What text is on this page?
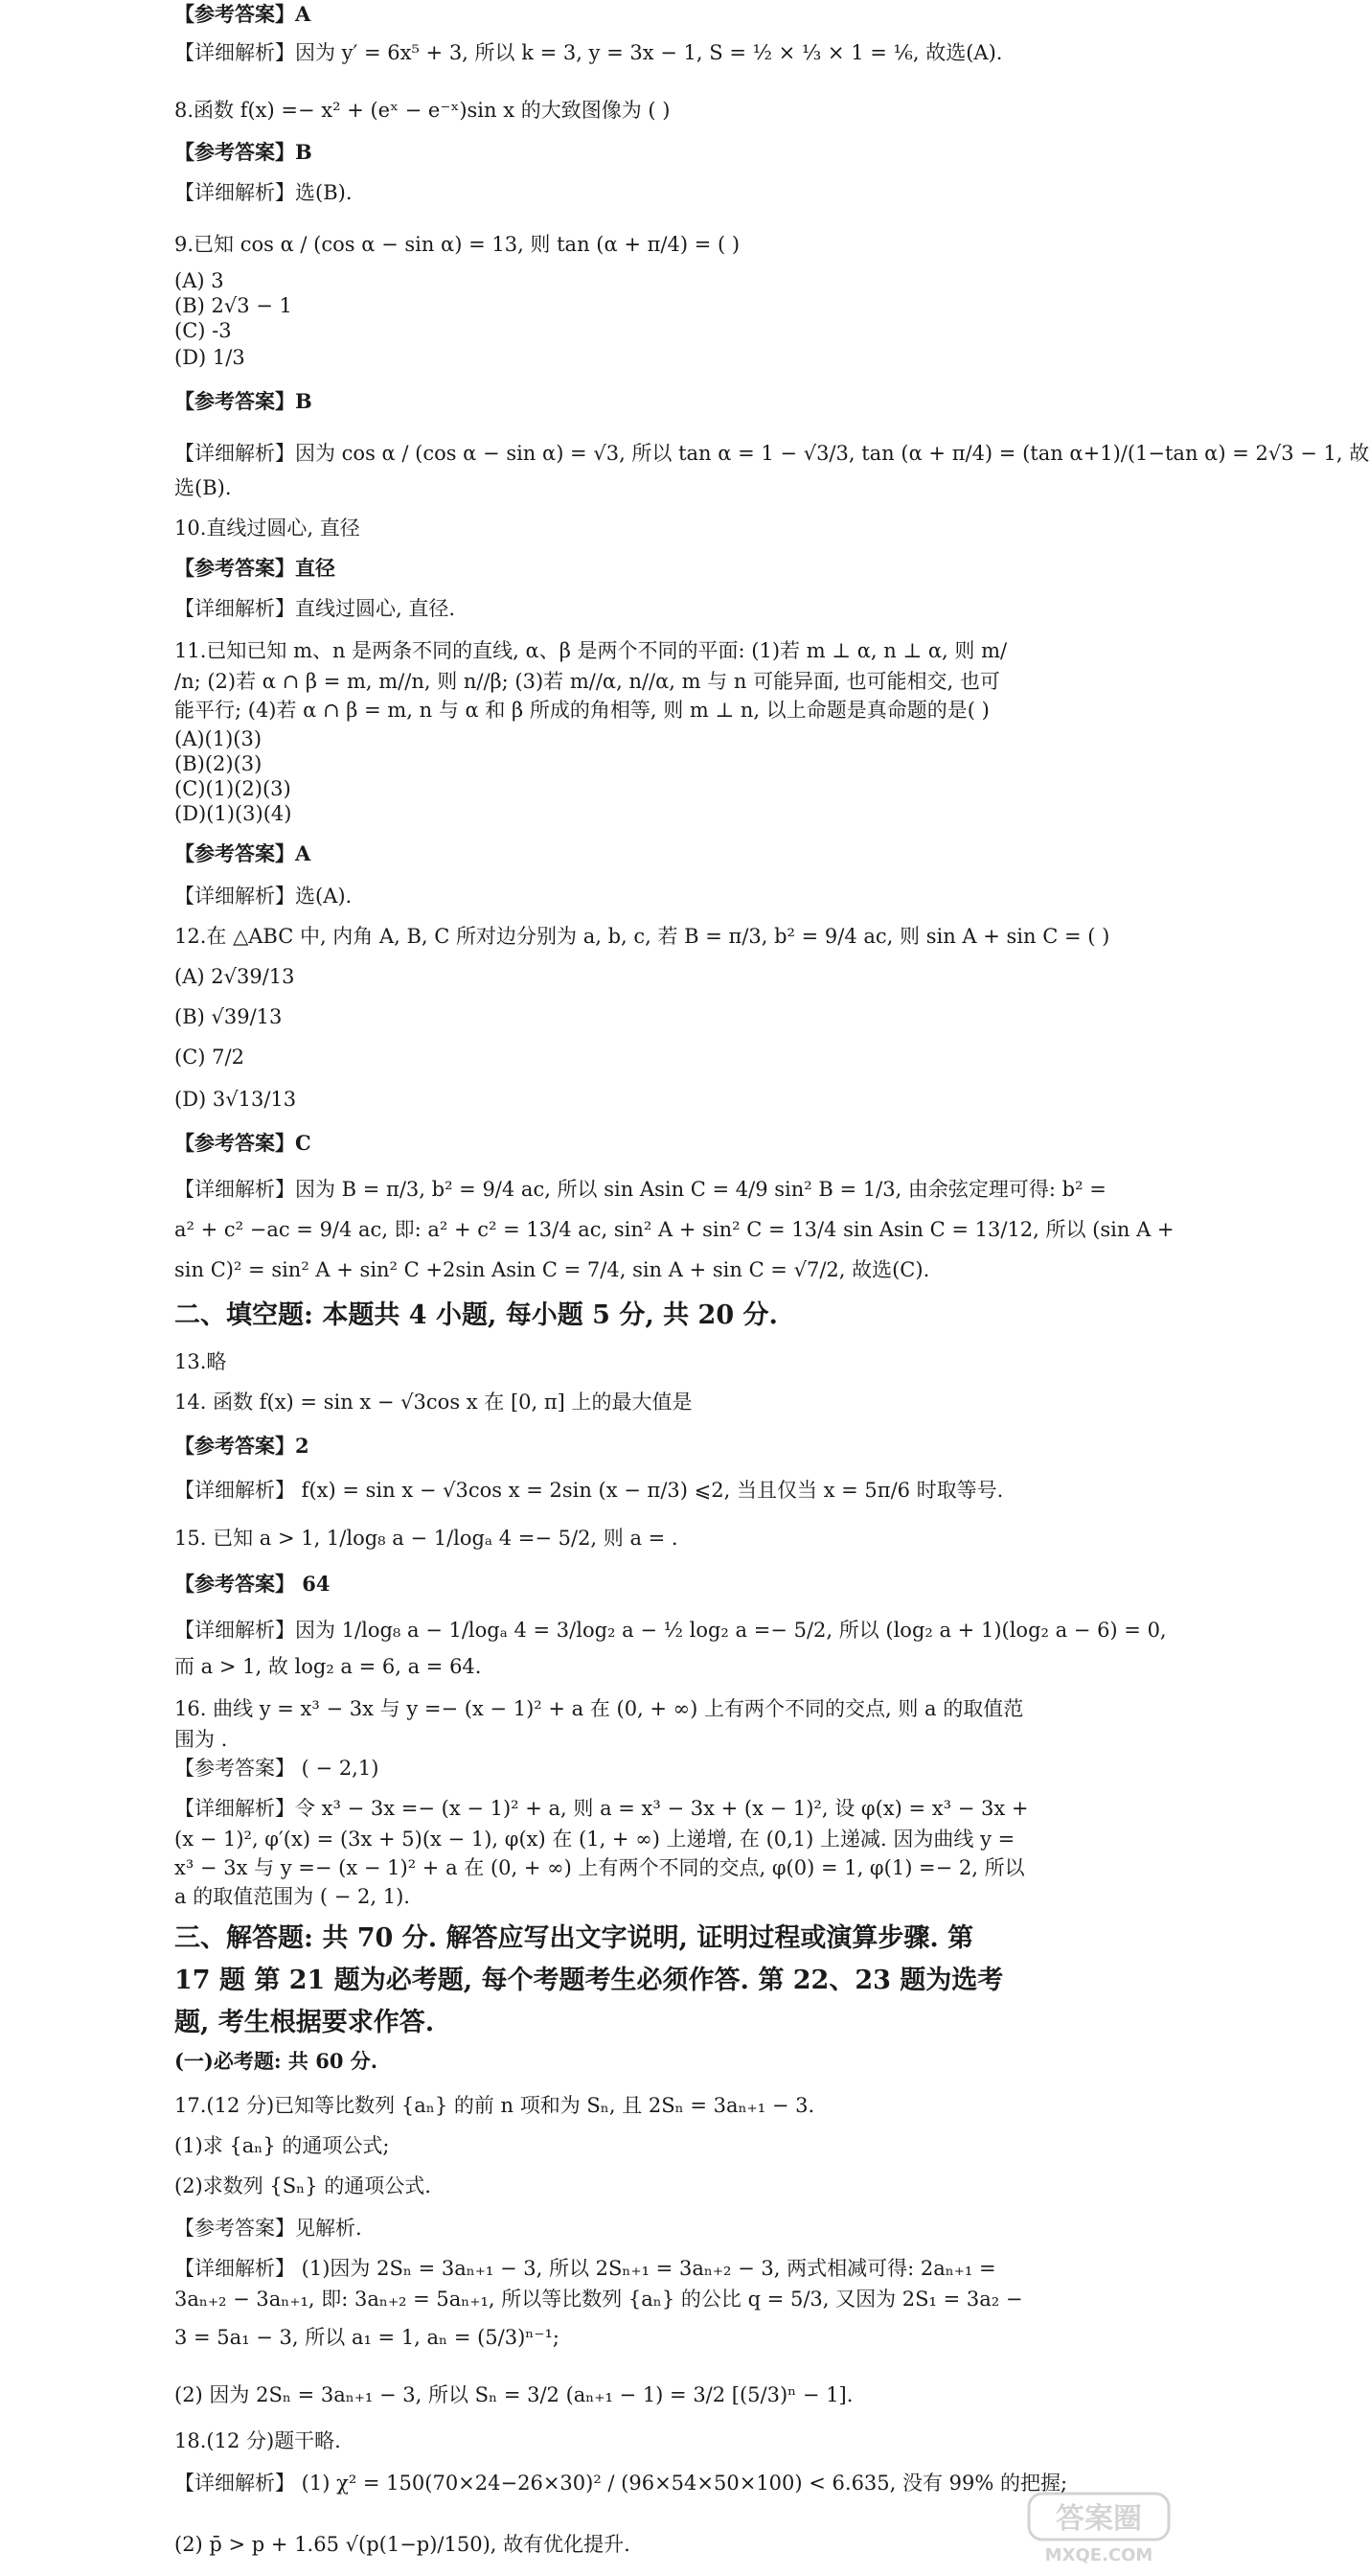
【参考答案】A
【详细解析】因为 y′ = 6x⁵ + 3, 所以 k = 3, y = 3x − 1, S = ½ × ⅓ × 1 = ⅙, 故选(A).
8.函数 f(x) =− x² + (eˣ − e⁻ˣ)sin x 的大致图像为 ( )
【参考答案】B
【详细解析】选(B).
9.已知 cos α / (cos α − sin α) = 13, 则 tan (α + π/4) = ( )
(A) 3
(B) 2√3 − 1
(C) -3
(D) 1/3
【参考答案】B
【详细解析】因为 cos α / (cos α − sin α) = √3, 所以 tan α = 1 − √3/3, tan (α + π/4) = (tan α+1)/(1−tan α) = 2√3 − 1, 故
选(B).
10.直线过圆心, 直径
【参考答案】直径
【详细解析】直线过圆心, 直径.
11.已知已知 m、n 是两条不同的直线, α、β 是两个不同的平面: (1)若 m ⊥ α, n ⊥ α, 则 m/
/n; (2)若 α ∩ β = m, m//n, 则 n//β; (3)若 m//α, n//α, m 与 n 可能异面, 也可能相交, 也可
能平行; (4)若 α ∩ β = m, n 与 α 和 β 所成的角相等, 则 m ⊥ n, 以上命题是真命题的是( )
(A)(1)(3)
(B)(2)(3)
(C)(1)(2)(3)
(D)(1)(3)(4)
【参考答案】A
【详细解析】选(A).
12.在 △ABC 中, 内角 A, B, C 所对边分别为 a, b, c, 若 B = π/3, b² = 9/4 ac, 则 sin A + sin C = ( )
(A) 2√39/13
(B) √39/13
(C) 7/2
(D) 3√13/13
【参考答案】C
【详细解析】因为 B = π/3, b² = 9/4 ac, 所以 sin Asin C = 4/9 sin² B = 1/3, 由余弦定理可得: b² =
a² + c² −ac = 9/4 ac, 即: a² + c² = 13/4 ac, sin² A + sin² C = 13/4 sin Asin C = 13/12, 所以 (sin A +
sin C)² = sin² A + sin² C +2sin Asin C = 7/4, sin A + sin C = √7/2, 故选(C).
二、填空题: 本题共 4 小题, 每小题 5 分, 共 20 分.
13.略
14. 函数 f(x) = sin x − √3cos x 在 [0, π] 上的最大值是
【参考答案】2
【详细解析】 f(x) = sin x − √3cos x = 2sin (x − π/3) ⩽2, 当且仅当 x = 5π/6 时取等号.
15. 已知 a > 1, 1/log₈ a − 1/logₐ 4 =− 5/2, 则 a = .
【参考答案】 64
【详细解析】因为 1/log₈ a − 1/logₐ 4 = 3/log₂ a − ½ log₂ a =− 5/2, 所以 (log₂ a + 1)(log₂ a − 6) = 0,
而 a > 1, 故 log₂ a = 6, a = 64.
16. 曲线 y = x³ − 3x 与 y =− (x − 1)² + a 在 (0, + ∞) 上有两个不同的交点, 则 a 的取值范
围为 .
【参考答案】 ( − 2,1)
【详细解析】令 x³ − 3x =− (x − 1)² + a, 则 a = x³ − 3x + (x − 1)², 设 φ(x) = x³ − 3x +
(x − 1)², φ′(x) = (3x + 5)(x − 1), φ(x) 在 (1, + ∞) 上递增, 在 (0,1) 上递减. 因为曲线 y =
x³ − 3x 与 y =− (x − 1)² + a 在 (0, + ∞) 上有两个不同的交点, φ(0) = 1, φ(1) =− 2, 所以
a 的取值范围为 ( − 2, 1).
三、解答题: 共 70 分. 解答应写出文字说明, 证明过程或演算步骤. 第
17 题 第 21 题为必考题, 每个考题考生必须作答. 第 22、23 题为选考
题, 考生根据要求作答.
(一)必考题: 共 60 分.
17.(12 分)已知等比数列 {aₙ} 的前 n 项和为 Sₙ, 且 2Sₙ = 3aₙ₊₁ − 3.
(1)求 {aₙ} 的通项公式;
(2)求数列 {Sₙ} 的通项公式.
【参考答案】见解析.
【详细解析】 (1)因为 2Sₙ = 3aₙ₊₁ − 3, 所以 2Sₙ₊₁ = 3aₙ₊₂ − 3, 两式相减可得: 2aₙ₊₁ =
3aₙ₊₂ − 3aₙ₊₁, 即: 3aₙ₊₂ = 5aₙ₊₁, 所以等比数列 {aₙ} 的公比 q = 5/3, 又因为 2S₁ = 3a₂ −
3 = 5a₁ − 3, 所以 a₁ = 1, aₙ = (5/3)ⁿ⁻¹;
(2) 因为 2Sₙ = 3aₙ₊₁ − 3, 所以 Sₙ = 3/2 (aₙ₊₁ − 1) = 3/2 [(5/3)ⁿ − 1].
18.(12 分)题干略.
【详细解析】 (1) χ² = 150(70×24−26×30)² / (96×54×50×100) < 6.635, 没有 99% 的把握;
(2) p̄ > p + 1.65 √(p(1−p)/150), 故有优化提升.
答案圈
MXQE.COM
